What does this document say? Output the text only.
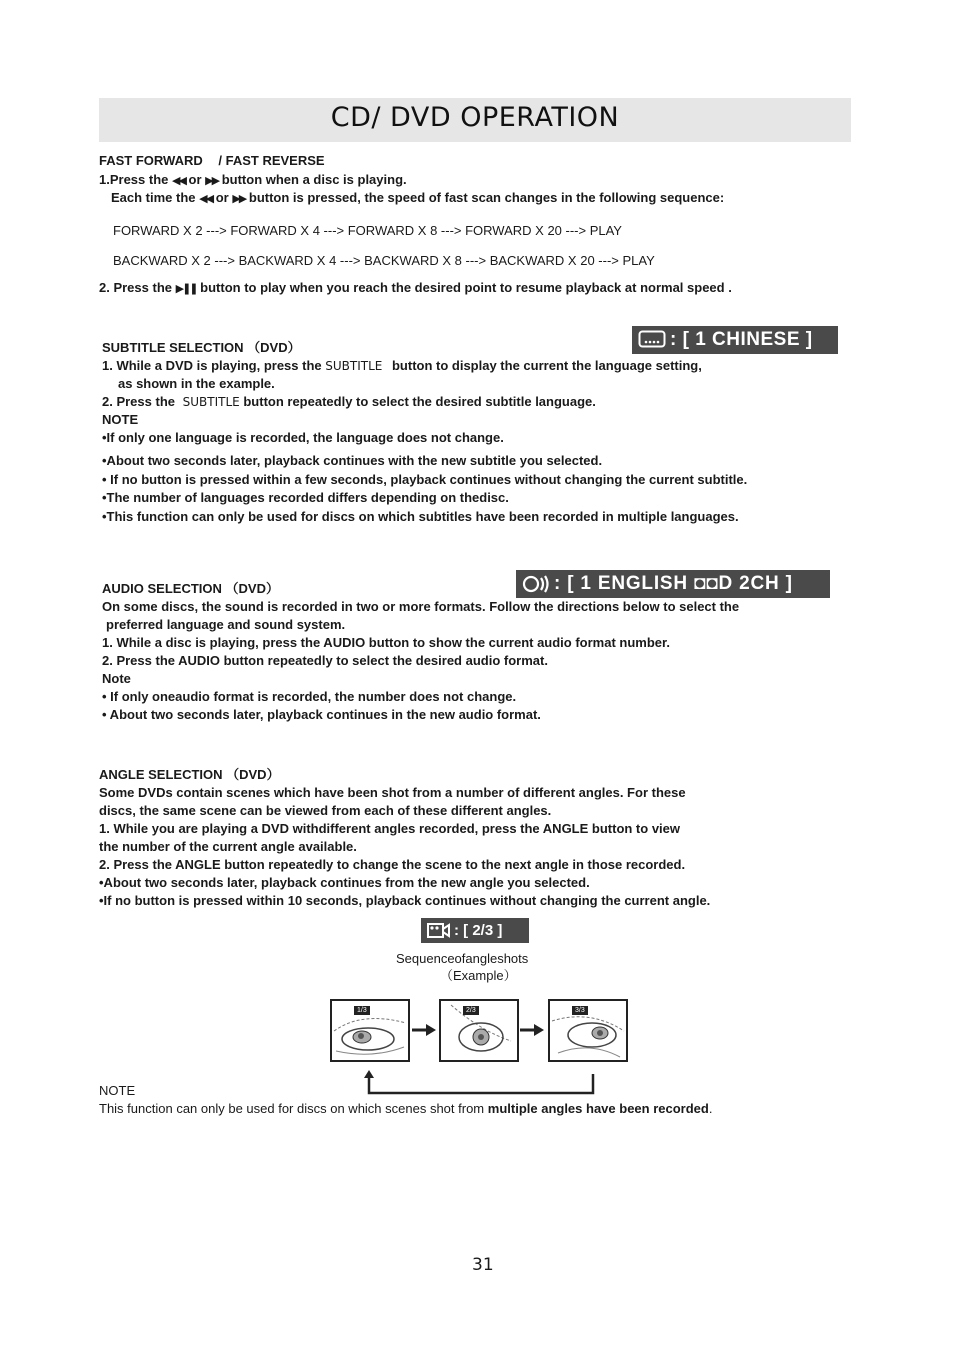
CD/ DVD OPERATION
FAST FORWARD / FAST REVERSE
1.Press the ◀◀ or ▶▶ button when a disc is playing.
Each time the ◀◀ or ▶▶ button is pressed, the speed of fast scan changes in the following sequence:
FORWARD X 2 ---> FORWARD X 4 ---> FORWARD X 8 ---> FORWARD X 20 ---> PLAY
BACKWARD X 2 ---> BACKWARD X 4 ---> BACKWARD X 8 ---> BACKWARD X 20 ---> PLAY
2. Press the ▶❚❚ button to play when you reach the desired point to resume playback at normal speed .
: [ 1 CHINESE ]
SUBTITLE SELECTION （DVD）
1. While a DVD is playing, press the SUBTITLE button to display the current the language setting,
as shown in the example.
2. Press the SUBTITLE button repeatedly to select the desired subtitle language.
NOTE
•If only one language is recorded, the language does not change.
•About two seconds later, playback continues with the new subtitle you selected.
• If no button is pressed within a few seconds, playback continues without changing the current subtitle.
•The number of languages recorded differs depending on thedisc.
•This function can only be used for discs on which subtitles have been recorded in multiple languages.
: [ 1 ENGLISH ◘◘D 2CH ]
AUDIO SELECTION （DVD）
On some discs, the sound is recorded in two or more formats. Follow the directions below to select the
preferred language and sound system.
1. While a disc is playing, press the AUDIO button to show the current audio format number.
2. Press the AUDIO button repeatedly to select the desired audio format.
Note
• If only oneaudio format is recorded, the number does not change.
• About two seconds later, playback continues in the new audio format.
ANGLE SELECTION （DVD）
Some DVDs contain scenes which have been shot from a number of different angles. For these
discs, the same scene can be viewed from each of these different angles.
1. While you are playing a DVD withdifferent angles recorded, press the ANGLE button to view
the number of the current angle available.
2. Press the ANGLE button repeatedly to change the scene to the next angle in those recorded.
•About two seconds later, playback continues from the new angle you selected.
•If no button is pressed within 10 seconds, playback continues without changing the current angle.
: [ 2/3 ]
Sequenceofangleshots
（Example）
1/3	2/3	3/3
NOTE
This function can only be used for discs on which scenes shot from multiple angles have been recorded.
31
